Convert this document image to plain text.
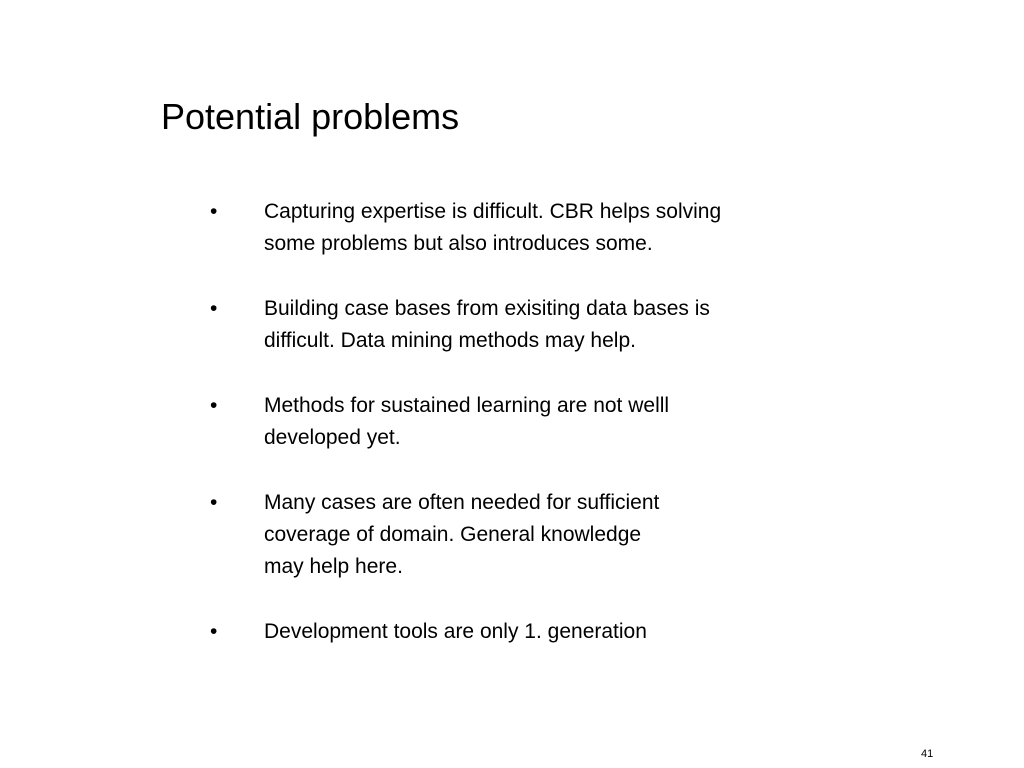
Potential problems
•	Capturing expertise is difficult. CBR helps solving
some problems but also introduces some.
•	Building case bases from exisiting data bases is
difficult. Data mining methods may help.
•	Methods for sustained learning are not welll
developed yet.
•	Many cases are often needed for sufficient
coverage of domain. General knowledge
may help here.
•	Development tools are only 1. generation
41
